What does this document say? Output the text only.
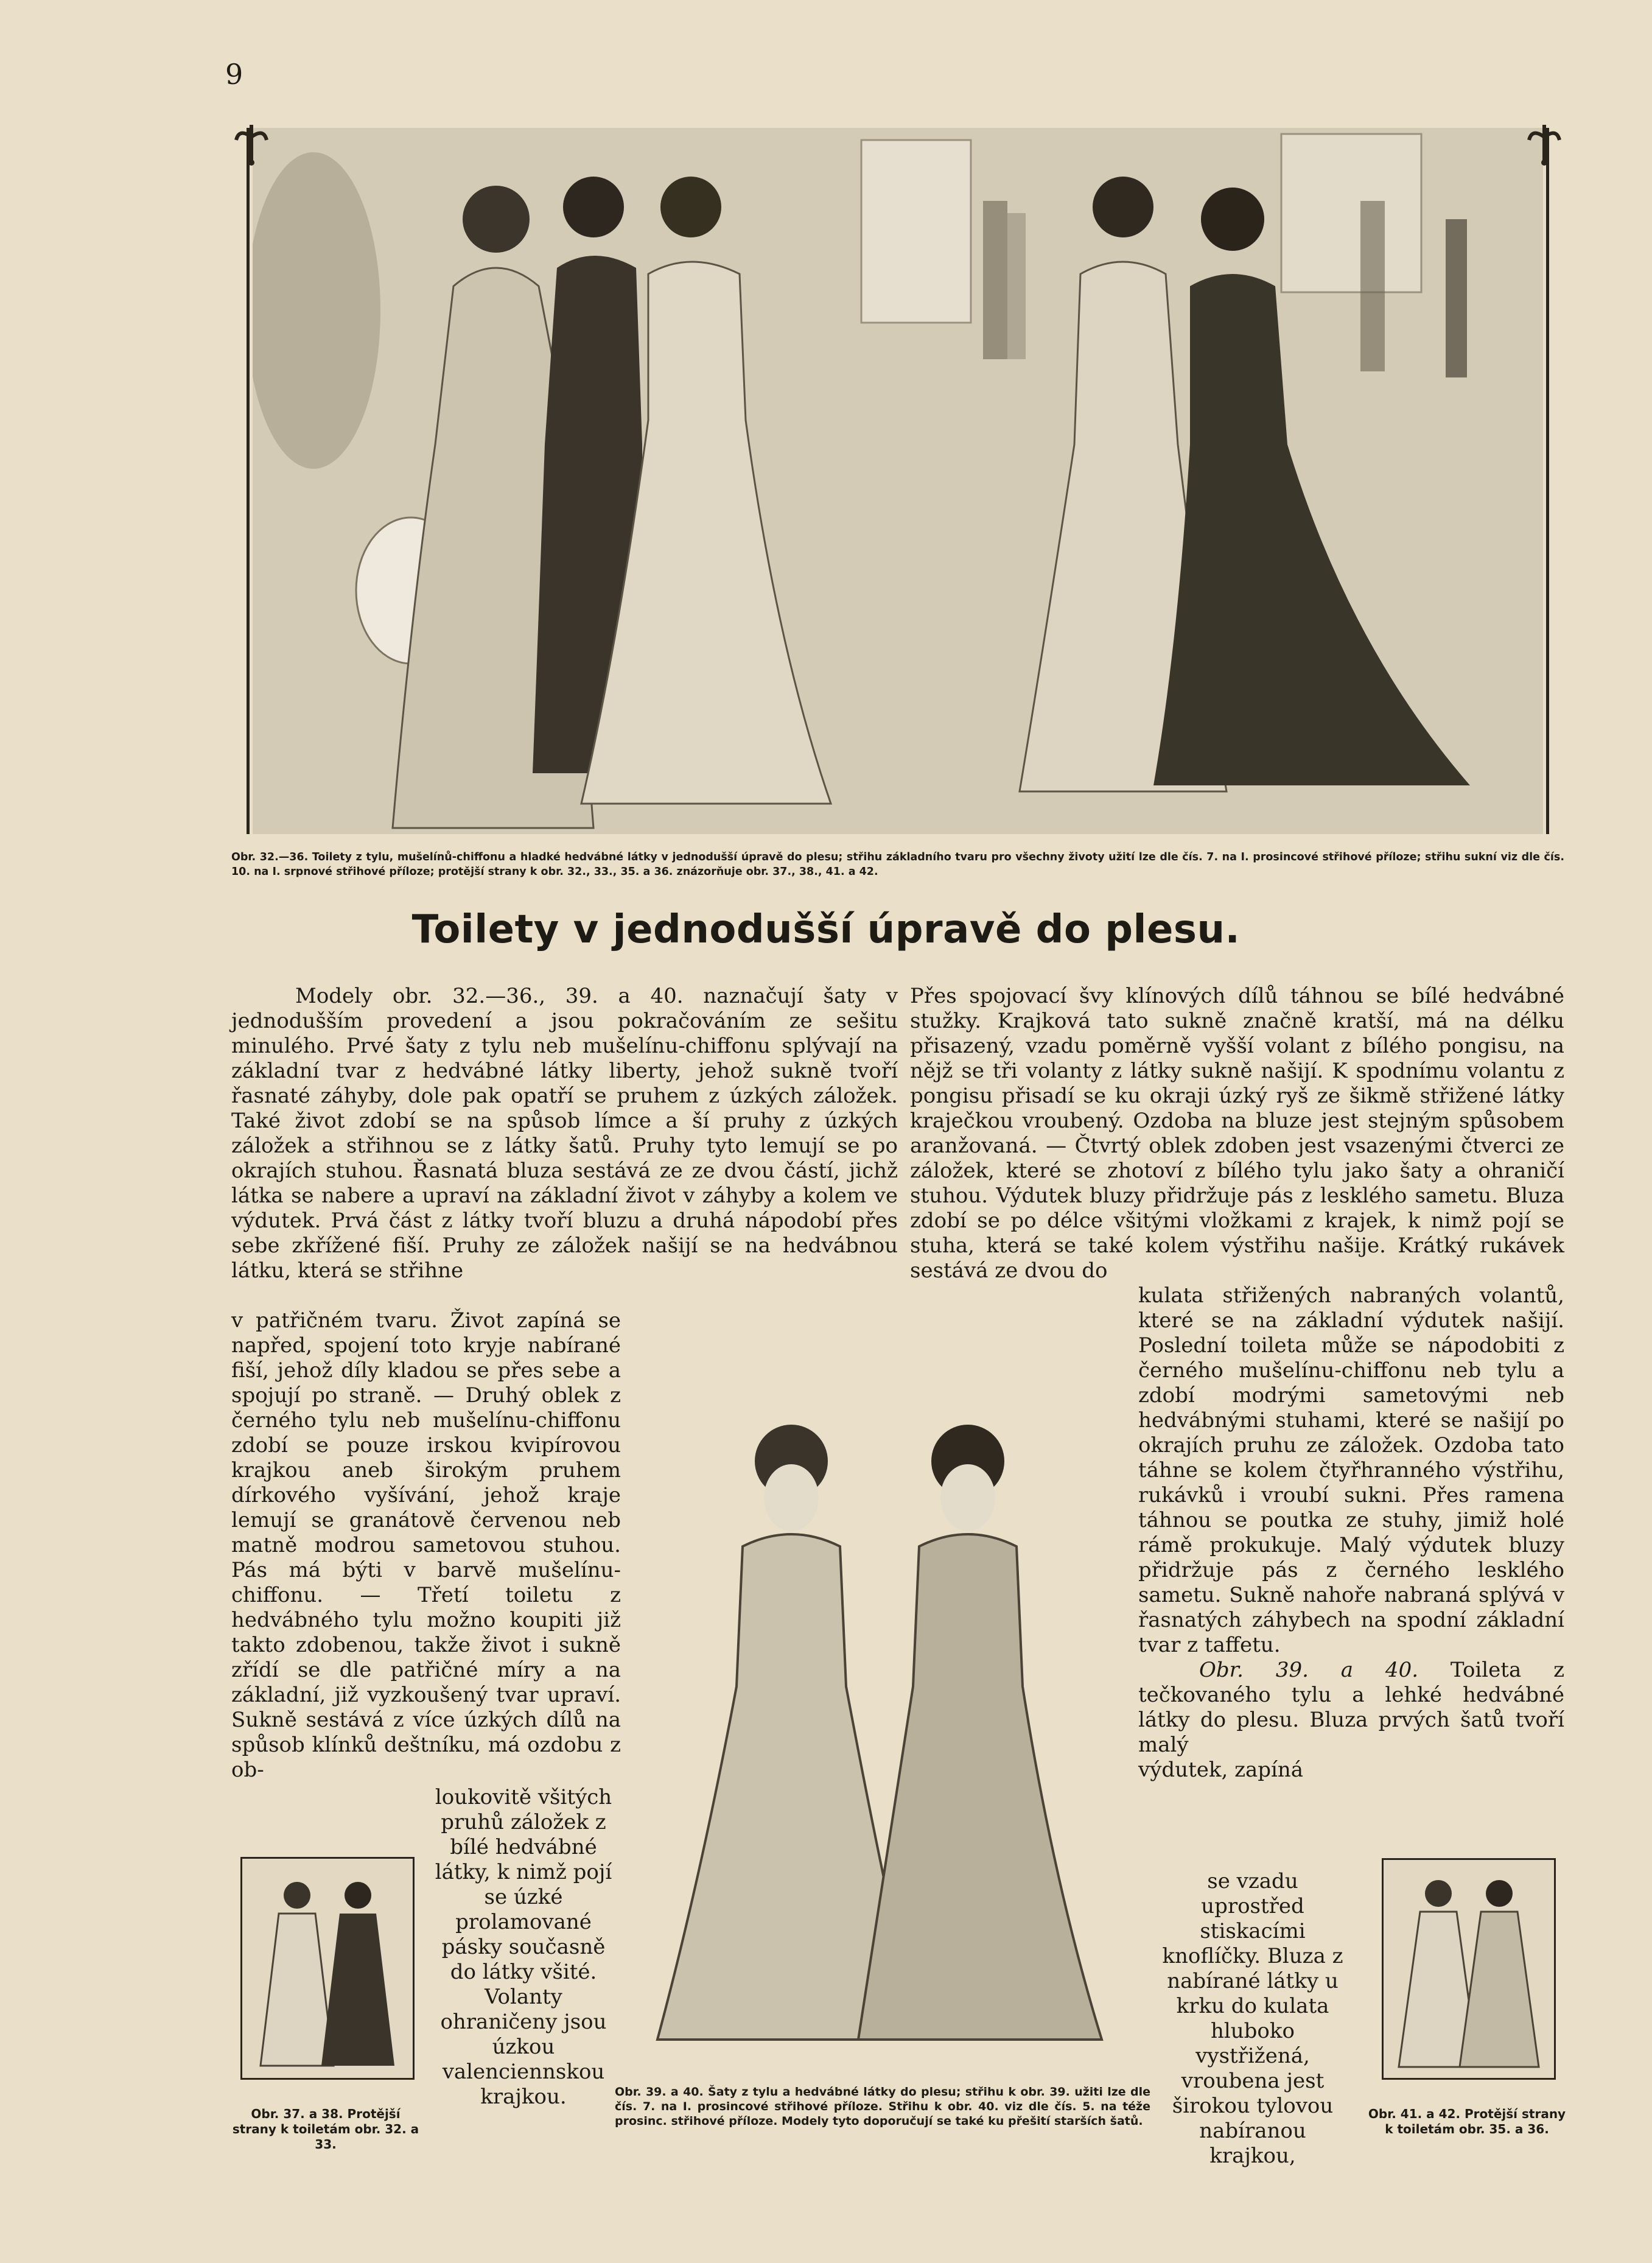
9
Obr. 32.—36. Toilety z tylu, mušelínů-chiffonu a hladké hedvábné látky v jednodušší úpravě do plesu; střihu základního tvaru pro všechny životy užití lze dle čís. 7. na I. prosincové střihové příloze; střihu sukní viz dle čís. 10. na I. srpnové střihové příloze; protější strany k obr. 32., 33., 35. a 36. znázorňuje obr. 37., 38., 41. a 42.
Toilety v jednodušší úpravě do plesu.
Modely obr. 32.—36., 39. a 40. naznačují šaty v jednodušším provedení a jsou pokračováním ze sešitu minulého. Prvé šaty z tylu neb mušelínu-chiffonu splývají na základní tvar z hedvábné látky liberty, jehož sukně tvoří řasnaté záhyby, dole pak opatří se pruhem z úzkých záložek. Také život zdobí se na spůsob límce a ší pruhy z úzkých záložek a střihnou se z látky šatů. Pruhy tyto lemují se po okrajích stuhou. Řasnatá bluza sestává ze ze dvou částí, jichž látka se nabere a upraví na základní život v záhyby a kolem ve výdutek. Prvá část z látky tvoří bluzu a druhá nápodobí přes sebe zkřížené fiší. Pruhy ze záložek našijí se na hedvábnou látku, která se střihne
v patřičném tvaru. Život zapíná se napřed, spojení toto kryje nabírané fiší, jehož díly kladou se přes sebe a spojují po straně. — Druhý oblek z černého tylu neb mušelínu-chiffonu zdobí se pouze irskou kvipírovou krajkou aneb širokým pruhem dírkového vyšívání, jehož kraje lemují se granátově červenou neb matně modrou sametovou stuhou. Pás má býti v barvě mušelínu-chiffonu. — Třetí toiletu z hedvábného tylu možno koupiti již takto zdobenou, takže život i sukně zřídí se dle patřičné míry a na základní, již vyzkoušený tvar upraví. Sukně sestává z více úzkých dílů na spůsob klínků deštníku, má ozdobu z ob-
loukovitě všitých pruhů záložek z bílé hedvábné látky, k nimž pojí se úzké prolamované pásky současně do látky všité. Volanty ohraničeny jsou úzkou valenciennskou krajkou.
Přes spojovací švy klínových dílů táhnou se bílé hedvábné stužky. Krajková tato sukně značně kratší, má na délku přisazený, vzadu poměrně vyšší volant z bílého pongisu, na nějž se tři volanty z látky sukně našijí. K spodnímu volantu z pongisu přisadí se ku okraji úzký ryš ze šikmě střižené látky kraječkou vroubený. Ozdoba na bluze jest stejným spůsobem aranžovaná. — Čtvrtý oblek zdoben jest vsazenými čtverci ze záložek, které se zhotoví z bílého tylu jako šaty a ohraničí stuhou. Výdutek bluzy přidržuje pás z lesklého sametu. Bluza zdobí se po délce všitými vložkami z krajek, k nimž pojí se stuha, která se také kolem výstřihu našije. Krátký rukávek sestává ze dvou do
kulata střižených nabraných volantů, které se na základní výdutek našijí. Poslední toileta může se nápodobiti z černého mušelínu-chiffonu neb tylu a zdobí modrými sametovými neb hedvábnými stuhami, které se našijí po okrajích pruhu ze záložek. Ozdoba tato táhne se kolem čtyřhranného výstřihu, rukávků i vroubí sukni. Přes ramena táhnou se poutka ze stuhy, jimiž holé rámě prokukuje. Malý výdutek bluzy přidržuje pás z černého lesklého sametu. Sukně nahoře nabraná splývá v řasnatých záhybech na spodní základní tvar z taffetu.
Obr. 39. a 40. Toileta z tečkovaného tylu a lehké hedvábné látky do plesu. Bluza prvých šatů tvoří malý
výdutek, zapíná
se vzadu uprostřed stiskacími knoflíčky. Bluza z nabírané látky u krku do kulata hluboko vystřižená, vroubena jest širokou tylovou nabíranou krajkou,
Obr. 37. a 38. Protější strany k toiletám obr. 32. a 33.
Obr. 39. a 40. Šaty z tylu a hedvábné látky do plesu; střihu k obr. 39. užiti lze dle čís. 7. na I. prosincové střihové příloze. Střihu k obr. 40. viz dle čís. 5. na téže prosinc. střihové příloze. Modely tyto doporučují se také ku přešití starších šatů.	Obr. 41. a 42. Protější strany k toiletám obr. 35. a 36.
